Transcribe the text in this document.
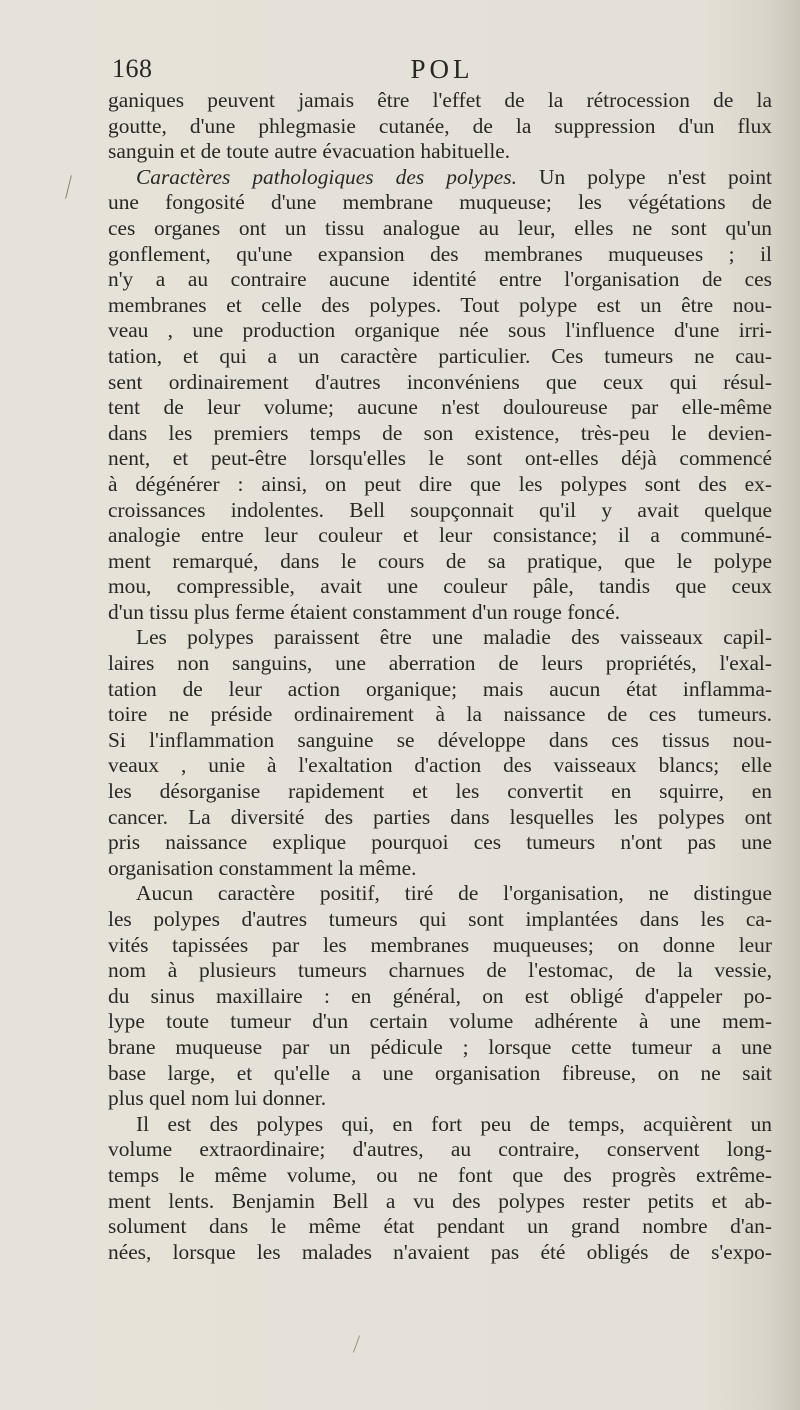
168	POL
ganiques peuvent jamais être l'effet de la rétrocession de la
goutte, d'une phlegmasie cutanée, de la suppression d'un flux
sanguin et de toute autre évacuation habituelle.
Caractères pathologiques des polypes. Un polype n'est point
une fongosité d'une membrane muqueuse; les végétations de
ces organes ont un tissu analogue au leur, elles ne sont qu'un
gonflement, qu'une expansion des membranes muqueuses ; il
n'y a au contraire aucune identité entre l'organisation de ces
membranes et celle des polypes. Tout polype est un être nou-
veau , une production organique née sous l'influence d'une irri-
tation, et qui a un caractère particulier. Ces tumeurs ne cau-
sent ordinairement d'autres inconvéniens que ceux qui résul-
tent de leur volume; aucune n'est douloureuse par elle-même
dans les premiers temps de son existence, très-peu le devien-
nent, et peut-être lorsqu'elles le sont ont-elles déjà commencé
à dégénérer : ainsi, on peut dire que les polypes sont des ex-
croissances indolentes. Bell soupçonnait qu'il y avait quelque
analogie entre leur couleur et leur consistance; il a communé-
ment remarqué, dans le cours de sa pratique, que le polype
mou, compressible, avait une couleur pâle, tandis que ceux
d'un tissu plus ferme étaient constamment d'un rouge foncé.
Les polypes paraissent être une maladie des vaisseaux capil-
laires non sanguins, une aberration de leurs propriétés, l'exal-
tation de leur action organique; mais aucun état inflamma-
toire ne préside ordinairement à la naissance de ces tumeurs.
Si l'inflammation sanguine se développe dans ces tissus nou-
veaux , unie à l'exaltation d'action des vaisseaux blancs; elle
les désorganise rapidement et les convertit en squirre, en
cancer. La diversité des parties dans lesquelles les polypes ont
pris naissance explique pourquoi ces tumeurs n'ont pas une
organisation constamment la même.
Aucun caractère positif, tiré de l'organisation, ne distingue
les polypes d'autres tumeurs qui sont implantées dans les ca-
vités tapissées par les membranes muqueuses; on donne leur
nom à plusieurs tumeurs charnues de l'estomac, de la vessie,
du sinus maxillaire : en général, on est obligé d'appeler po-
lype toute tumeur d'un certain volume adhérente à une mem-
brane muqueuse par un pédicule ; lorsque cette tumeur a une
base large, et qu'elle a une organisation fibreuse, on ne sait
plus quel nom lui donner.
Il est des polypes qui, en fort peu de temps, acquièrent un
volume extraordinaire; d'autres, au contraire, conservent long-
temps le même volume, ou ne font que des progrès extrême-
ment lents. Benjamin Bell a vu des polypes rester petits et ab-
solument dans le même état pendant un grand nombre d'an-
nées, lorsque les malades n'avaient pas été obligés de s'expo-
